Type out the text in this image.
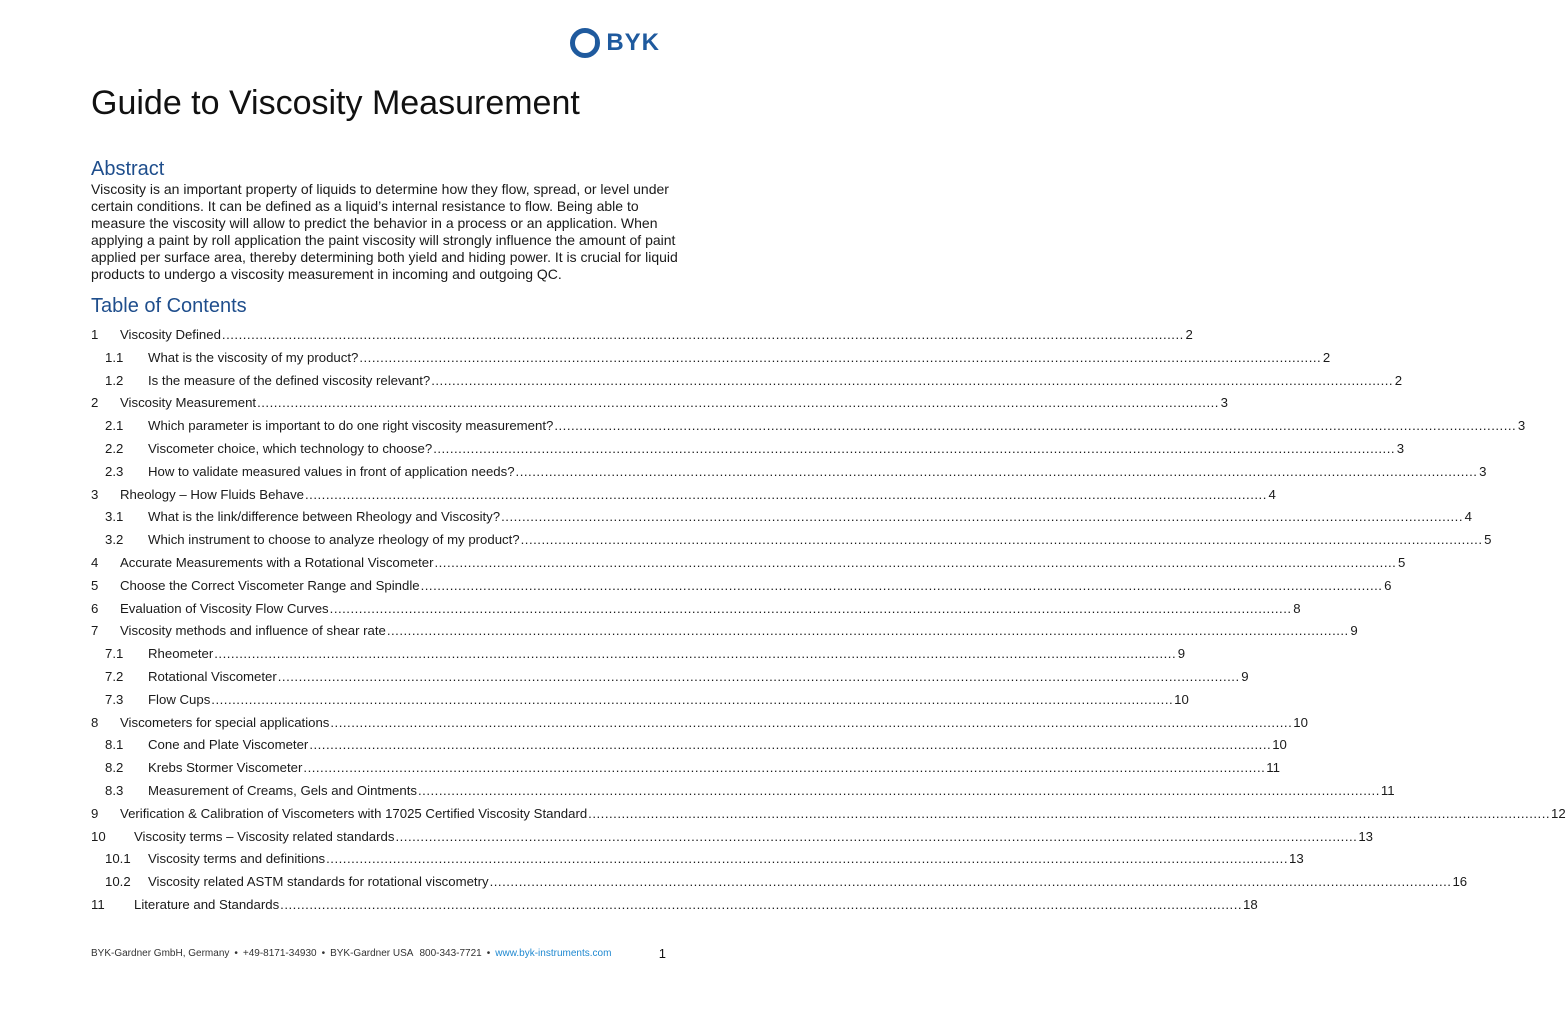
BYK
Guide to Viscosity Measurement
Abstract

Viscosity is an important property of liquids to determine how they flow, spread, or level under certain conditions. It can be defined as a liquid’s internal resistance to flow. Being able to measure the viscosity will allow to predict the behavior in a process or an application. When applying a paint by roll application the paint viscosity will strongly influence the amount of paint applied per surface area, thereby determining both yield and hiding power. It is crucial for liquid products to undergo a viscosity measurement in incoming and outgoing QC.

Table of Contents
1	Viscosity Defined .....	2
1.1	What is the viscosity of my product? .....	2
1.2	Is the measure of the defined viscosity relevant? .....	2
2	Viscosity Measurement .....	3
2.1	Which parameter is important to do one right viscosity measurement? .....	3
2.2	Viscometer choice, which technology to choose? .....	3
2.3	How to validate measured values in front of application needs? .....	3
3	Rheology – How Fluids Behave .....	4
3.1	What is the link/difference between Rheology and Viscosity? .....	4
3.2	Which instrument to choose to analyze rheology of my product? .....	5
4	Accurate Measurements with a Rotational Viscometer .....	5
5	Choose the Correct Viscometer Range and Spindle .....	6
6	Evaluation of Viscosity Flow Curves .....	8
7	Viscosity methods and influence of shear rate .....	9
7.1	Rheometer .....	9
7.2	Rotational Viscometer .....	9
7.3	Flow Cups .....	10
8	Viscometers for special applications .....	10
8.1	Cone and Plate Viscometer .....	10
8.2	Krebs Stormer Viscometer .....	11
8.3	Measurement of Creams, Gels and Ointments .....	11
9	Verification & Calibration of Viscometers with 17025 Certified Viscosity Standard .....	12
10	Viscosity terms – Viscosity related standards .....	13
10.1	Viscosity terms and definitions .....	13
10.2	Viscosity related ASTM standards for rotational viscometry .....	16
11	Literature and Standards .....	18
BYK-Gardner GmbH, Germany • +49-8171-34930 • BYK-Gardner USA 800-343-7721 • www.byk-instruments.com	1
